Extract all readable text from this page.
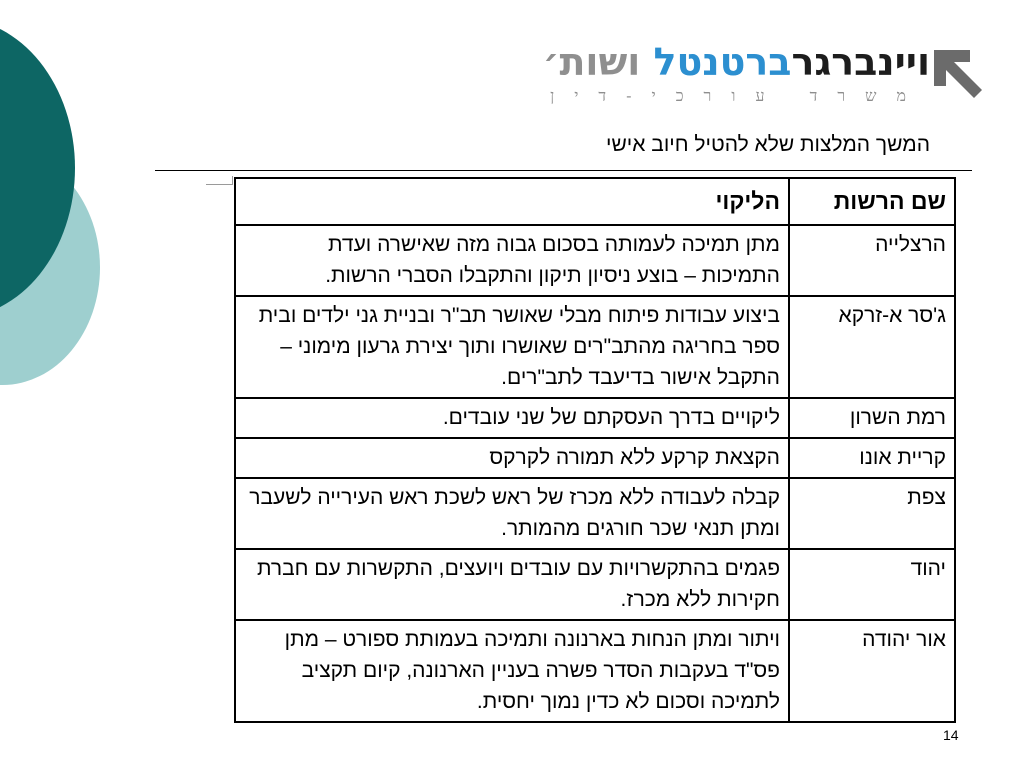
ויינברגרברטנטל ושות׳
משרד עורכי-דין
המשך המלצות שלא להטיל חיוב אישי
שם הרשות	הליקוי
הרצלייה	מתן תמיכה לעמותה בסכום גבוה מזה שאישרה ועדת התמיכות – בוצע ניסיון תיקון והתקבלו הסברי הרשות.
ג'סר א-זרקא	ביצוע עבודות פיתוח מבלי שאושר תב"ר ובניית גני ילדים ובית ספר בחריגה מהתב"רים שאושרו ותוך יצירת גרעון מימוני – התקבל אישור בדיעבד לתב"רים.
רמת השרון	ליקויים בדרך העסקתם של שני עובדים.
קריית אונו	הקצאת קרקע ללא תמורה לקרקס
צפת	קבלה לעבודה ללא מכרז של ראש לשכת ראש העירייה לשעבר ומתן תנאי שכר חורגים מהמותר.
יהוד	פגמים בהתקשרויות עם עובדים ויועצים, התקשרות עם חברת חקירות ללא מכרז.
אור יהודה	ויתור ומתן הנחות בארנונה ותמיכה בעמותת ספורט – מתן פס"ד בעקבות הסדר פשרה בעניין הארנונה, קיום תקציב לתמיכה וסכום לא כדין נמוך יחסית.
14
